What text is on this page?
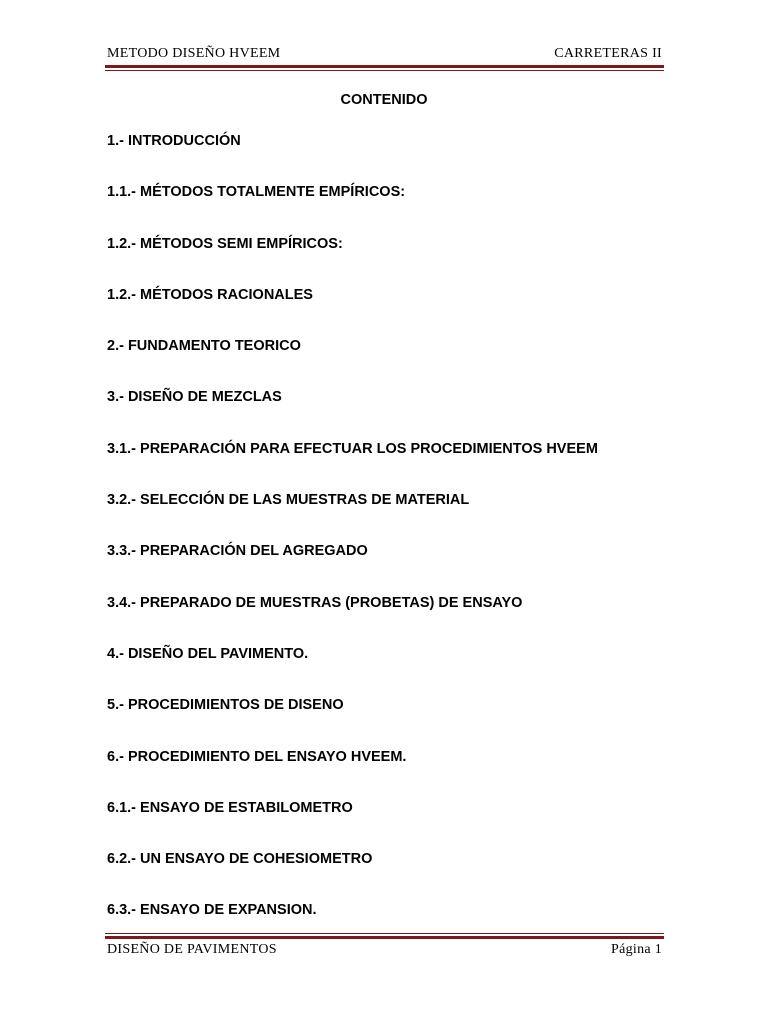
METODO DISEÑO HVEEM	CARRETERAS II
CONTENIDO
1.- INTRODUCCIÓN
1.1.- MÉTODOS TOTALMENTE EMPÍRICOS:
1.2.- MÉTODOS SEMI EMPÍRICOS:
1.2.- MÉTODOS RACIONALES
2.- FUNDAMENTO TEORICO
3.- DISEÑO DE MEZCLAS
3.1.- PREPARACIÓN PARA EFECTUAR LOS PROCEDIMIENTOS HVEEM
3.2.- SELECCIÓN DE LAS MUESTRAS DE MATERIAL
3.3.- PREPARACIÓN DEL AGREGADO
3.4.- PREPARADO DE MUESTRAS (PROBETAS) DE ENSAYO
4.- DISEÑO DEL PAVIMENTO.
5.- PROCEDIMIENTOS DE DISENO
6.- PROCEDIMIENTO DEL ENSAYO HVEEM.
6.1.- ENSAYO DE ESTABILOMETRO
6.2.- UN ENSAYO DE COHESIOMETRO
6.3.- ENSAYO DE EXPANSION.
DISEÑO DE PAVIMENTOS	Página 1
